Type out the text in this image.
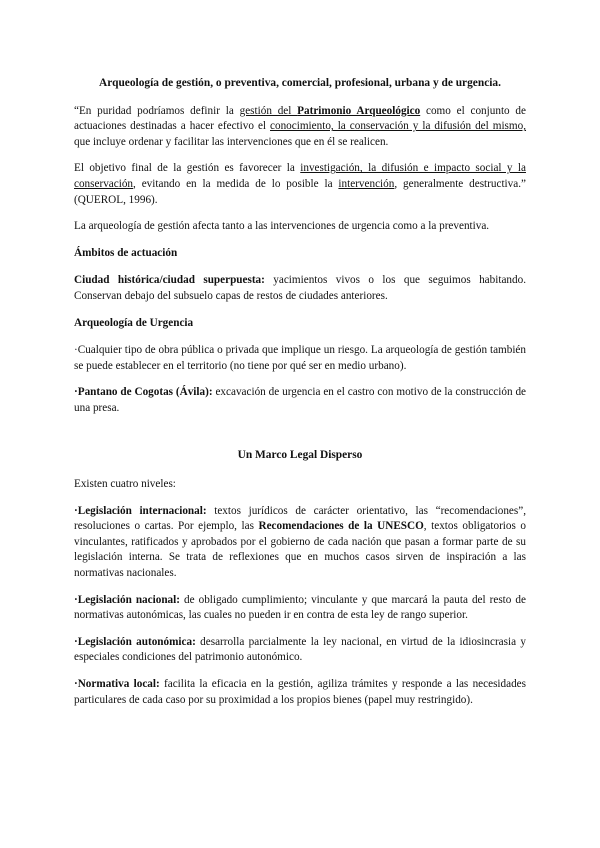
Arqueología de gestión, o preventiva, comercial, profesional, urbana y de urgencia.

“En puridad podríamos definir la gestión del Patrimonio Arqueológico como el conjunto de actuaciones destinadas a hacer efectivo el conocimiento, la conservación y la difusión del mismo, que incluye ordenar y facilitar las intervenciones que en él se realicen.

El objetivo final de la gestión es favorecer la investigación, la difusión e impacto social y la conservación, evitando en la medida de lo posible la intervención, generalmente destructiva.” (QUEROL, 1996).

La arqueología de gestión afecta tanto a las intervenciones de urgencia como a la preventiva.

Ámbitos de actuación

Ciudad histórica/ciudad superpuesta: yacimientos vivos o los que seguimos habitando. Conservan debajo del subsuelo capas de restos de ciudades anteriores.

Arqueología de Urgencia

·Cualquier tipo de obra pública o privada que implique un riesgo. La arqueología de gestión también se puede establecer en el territorio (no tiene por qué ser en medio urbano).

·Pantano de Cogotas (Ávila): excavación de urgencia en el castro con motivo de la construcción de una presa.

Un Marco Legal Disperso

Existen cuatro niveles:

·Legislación internacional: textos jurídicos de carácter orientativo, las “recomendaciones”, resoluciones o cartas. Por ejemplo, las Recomendaciones de la UNESCO, textos obligatorios o vinculantes, ratificados y aprobados por el gobierno de cada nación que pasan a formar parte de su legislación interna. Se trata de reflexiones que en muchos casos sirven de inspiración a las normativas nacionales.

·Legislación nacional: de obligado cumplimiento; vinculante y que marcará la pauta del resto de normativas autonómicas, las cuales no pueden ir en contra de esta ley de rango superior.

·Legislación autonómica: desarrolla parcialmente la ley nacional, en virtud de la idiosincrasia y especiales condiciones del patrimonio autonómico.

·Normativa local: facilita la eficacia en la gestión, agiliza trámites y responde a las necesidades particulares de cada caso por su proximidad a los propios bienes (papel muy restringido).
